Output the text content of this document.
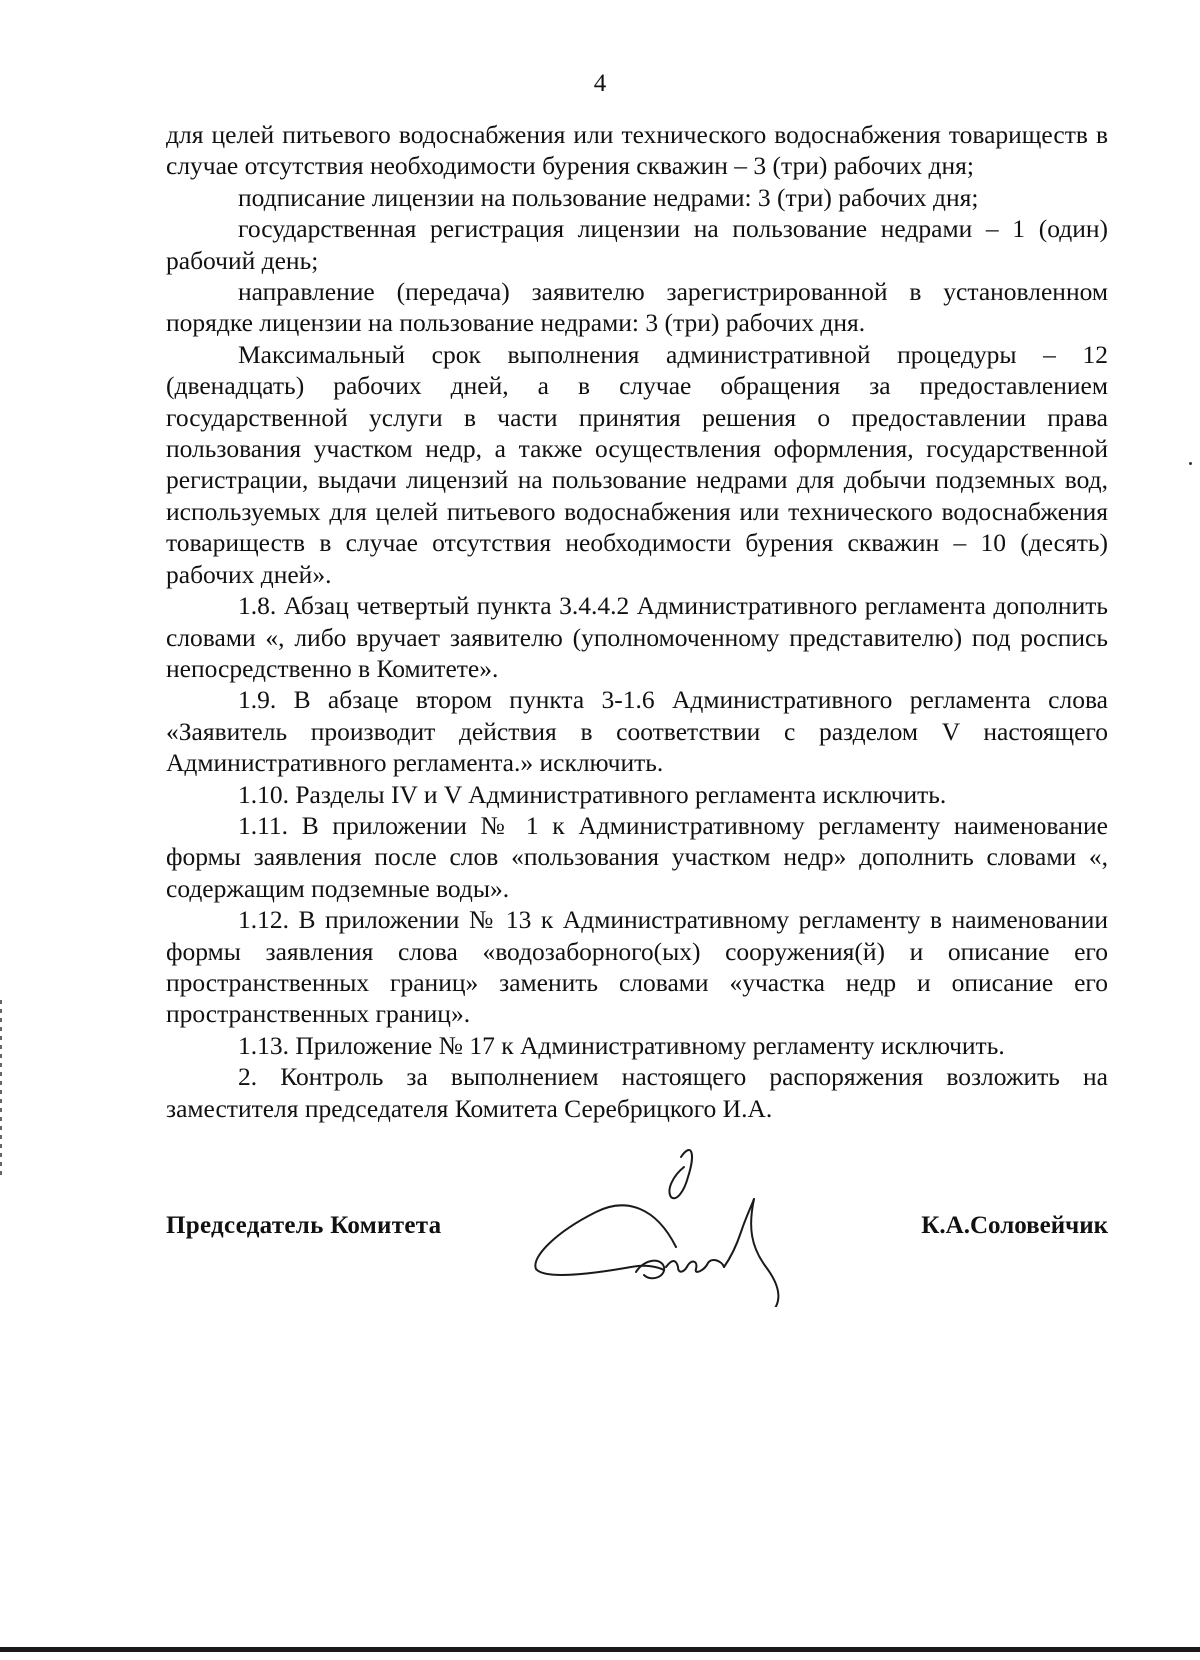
4

для целей питьевого водоснабжения или технического водоснабжения товариществ в случае отсутствия необходимости бурения скважин – 3 (три) рабочих дня;

подписание лицензии на пользование недрами: 3 (три) рабочих дня;

государственная регистрация лицензии на пользование недрами – 1 (один) рабочий день;

направление (передача) заявителю зарегистрированной в установленном порядке лицензии на пользование недрами: 3 (три) рабочих дня.

Максимальный срок выполнения административной процедуры – 12 (двенадцать) рабочих дней, а в случае обращения за предоставлением государственной услуги в части принятия решения о предоставлении права пользования участком недр, а также осуществления оформления, государственной регистрации, выдачи лицензий на пользование недрами для добычи подземных вод, используемых для целей питьевого водоснабжения или технического водоснабжения товариществ в случае отсутствия необходимости бурения скважин – 10 (десять) рабочих дней».

1.8. Абзац четвертый пункта 3.4.4.2 Административного регламента дополнить словами «, либо вручает заявителю (уполномоченному представителю) под роспись непосредственно в Комитете».

1.9. В абзаце втором пункта 3-1.6 Административного регламента слова «Заявитель производит действия в соответствии с разделом V настоящего Административного регламента.» исключить.

1.10. Разделы IV и V Административного регламента исключить.

1.11. В приложении № 1 к Административному регламенту наименование формы заявления после слов «пользования участком недр» дополнить словами «, содержащим подземные воды».

1.12. В приложении № 13 к Административному регламенту в наименовании формы заявления слова «водозаборного(ых) сооружения(й) и описание его пространственных границ» заменить словами «участка недр и описание его пространственных границ».

1.13. Приложение № 17 к Административному регламенту исключить.

2. Контроль за выполнением настоящего распоряжения возложить на заместителя председателя Комитета Серебрицкого И.А.

Председатель Комитета	К.А.Соловейчик
